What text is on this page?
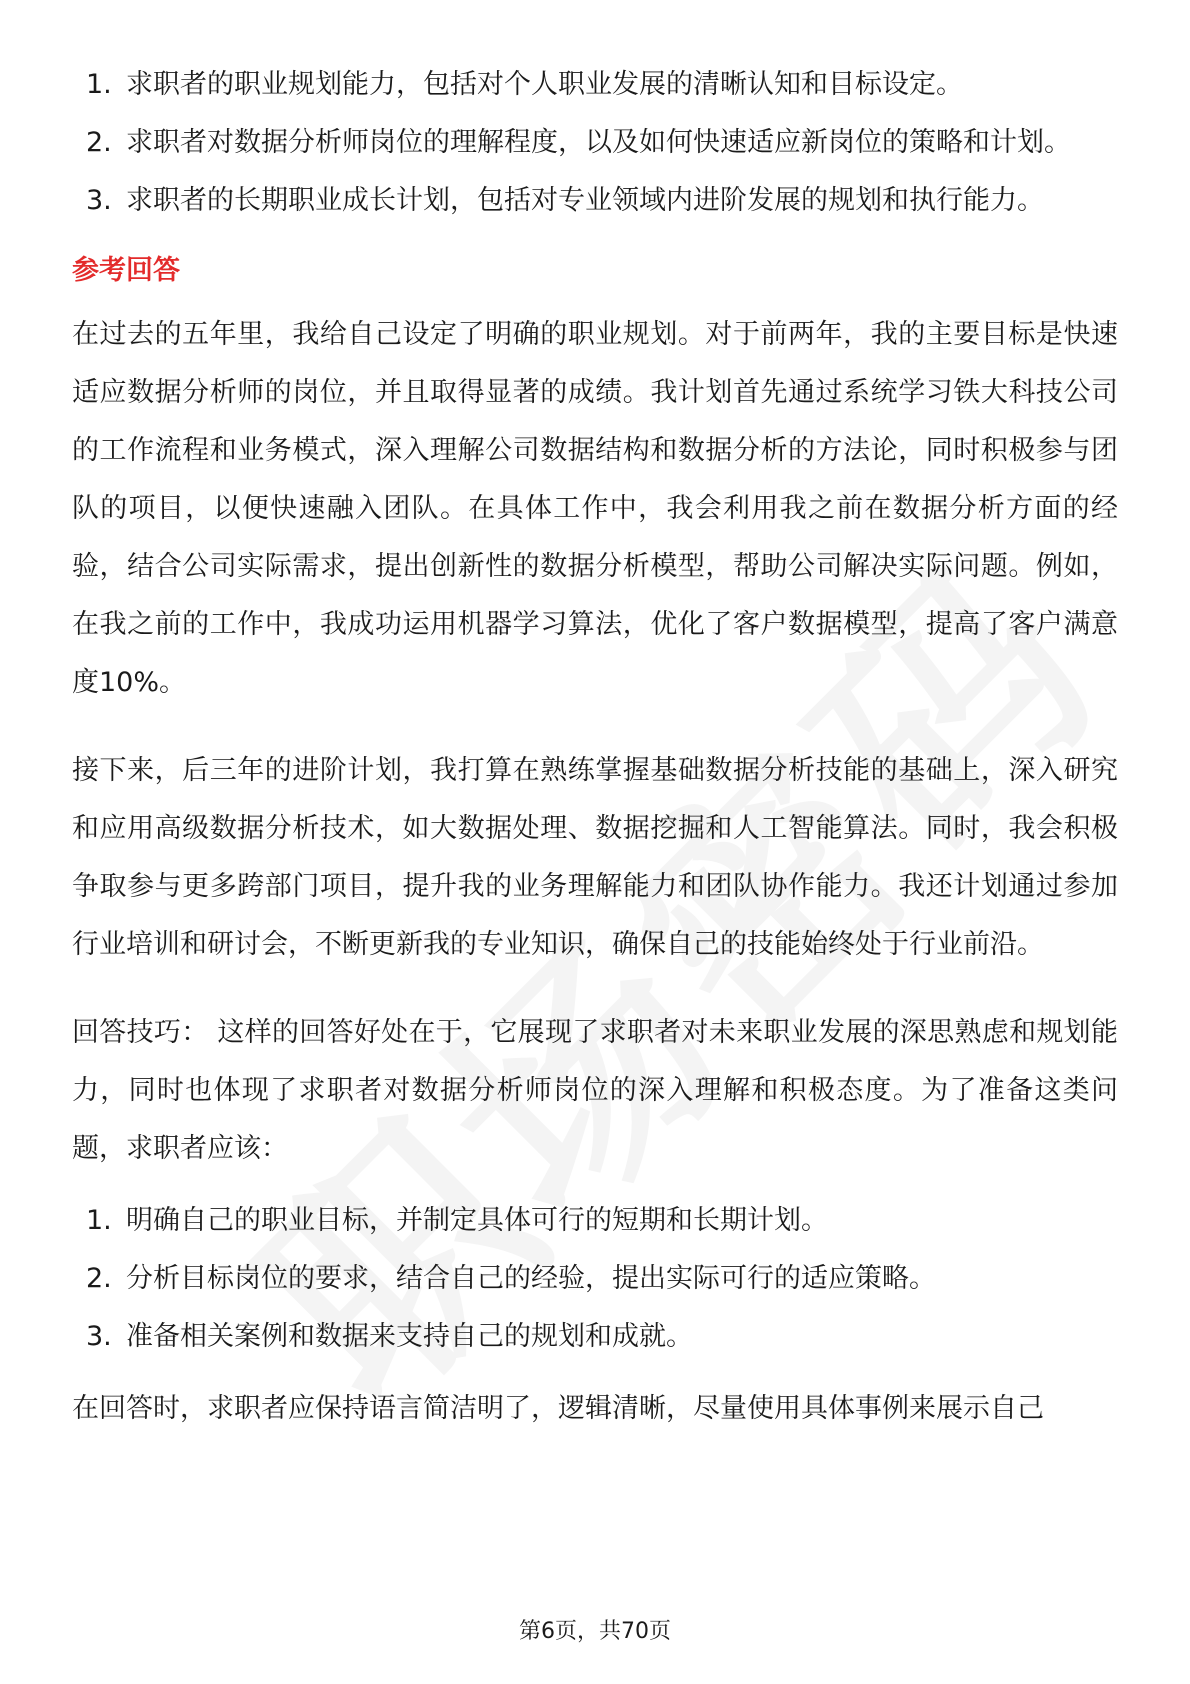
1. 求职者的职业规划能力，包括对个人职业发展的清晰认知和目标设定。
2. 求职者对数据分析师岗位的理解程度，以及如何快速适应新岗位的策略和计划。
3. 求职者的长期职业成长计划，包括对专业领域内进阶发展的规划和执行能力。
参考回答

在过去的五年里，我给自己设定了明确的职业规划。对于前两年，我的主要目标是快速适应数据分析师的岗位，并且取得显著的成绩。我计划首先通过系统学习铁大科技公司的工作流程和业务模式，深入理解公司数据结构和数据分析的方法论，同时积极参与团队的项目，以便快速融入团队。在具体工作中，我会利用我之前在数据分析方面的经验，结合公司实际需求，提出创新性的数据分析模型，帮助公司解决实际问题。例如，在我之前的工作中，我成功运用机器学习算法，优化了客户数据模型，提高了客户满意度10%。

接下来，后三年的进阶计划，我打算在熟练掌握基础数据分析技能的基础上，深入研究和应用高级数据分析技术，如大数据处理、数据挖掘和人工智能算法。同时，我会积极争取参与更多跨部门项目，提升我的业务理解能力和团队协作能力。我还计划通过参加行业培训和研讨会，不断更新我的专业知识，确保自己的技能始终处于行业前沿。

回答技巧： 这样的回答好处在于，它展现了求职者对未来职业发展的深思熟虑和规划能力，同时也体现了求职者对数据分析师岗位的深入理解和积极态度。为了准备这类问题，求职者应该：

1. 明确自己的职业目标，并制定具体可行的短期和长期计划。
2. 分析目标岗位的要求，结合自己的经验，提出实际可行的适应策略。
3. 准备相关案例和数据来支持自己的规划和成就。

在回答时，求职者应保持语言简洁明了，逻辑清晰，尽量使用具体事例来展示自己

第6页，共70页
